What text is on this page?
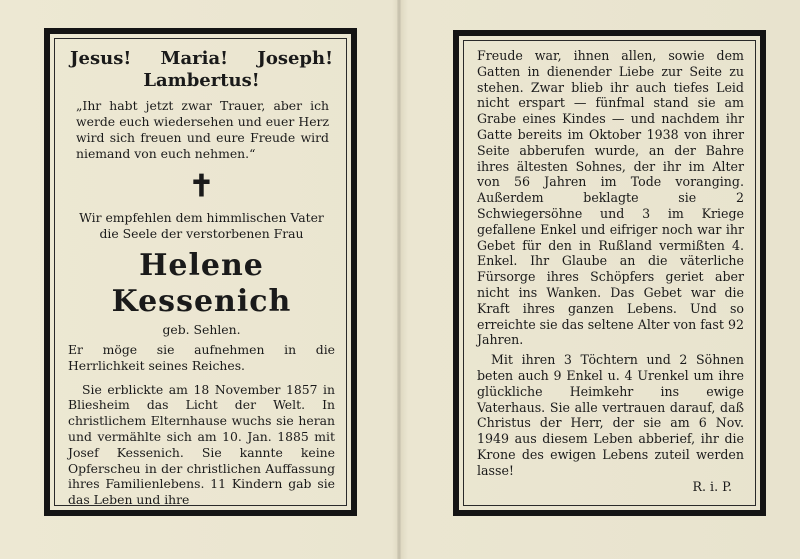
Jesus! Maria! Joseph!
Lambertus!
„Ihr habt jetzt zwar Trauer, aber ich werde euch wiedersehen und euer Herz wird sich freuen und eure Freude wird niemand von euch nehmen.“
✝
Wir empfehlen dem himmlischen Vater die Seele der verstorbenen Frau
Helene Kessenich
geb. Sehlen.
Er möge sie aufnehmen in die Herrlichkeit seines Reiches.
Sie erblickte am 18 November 1857 in Bliesheim das Licht der Welt. In christlichem Elternhause wuchs sie heran und vermählte sich am 10. Jan. 1885 mit Josef Kessenich. Sie kannte keine Opferscheu in der christlichen Auffassung ihres Familienlebens. 11 Kindern gab sie das Leben und ihre
Freude war, ihnen allen, sowie dem Gatten in dienender Liebe zur Seite zu stehen. Zwar blieb ihr auch tiefes Leid nicht erspart — fünfmal stand sie am Grabe eines Kindes — und nachdem ihr Gatte bereits im Oktober 1938 von ihrer Seite abberufen wurde, an der Bahre ihres ältesten Sohnes, der ihr im Alter von 56 Jahren im Tode voranging. Außerdem beklagte sie 2 Schwiegersöhne und 3 im Kriege gefallene Enkel und eifriger noch war ihr Gebet für den in Rußland vermißten 4. Enkel. Ihr Glaube an die väterliche Fürsorge ihres Schöpfers geriet aber nicht ins Wanken. Das Gebet war die Kraft ihres ganzen Lebens. Und so erreichte sie das seltene Alter von fast 92 Jahren.
Mit ihren 3 Töchtern und 2 Söhnen beten auch 9 Enkel u. 4 Urenkel um ihre glückliche Heimkehr ins ewige Vaterhaus. Sie alle vertrauen darauf, daß Christus der Herr, der sie am 6 Nov. 1949 aus diesem Leben abberief, ihr die Krone des ewigen Lebens zuteil werden lasse!
R. i. P.
